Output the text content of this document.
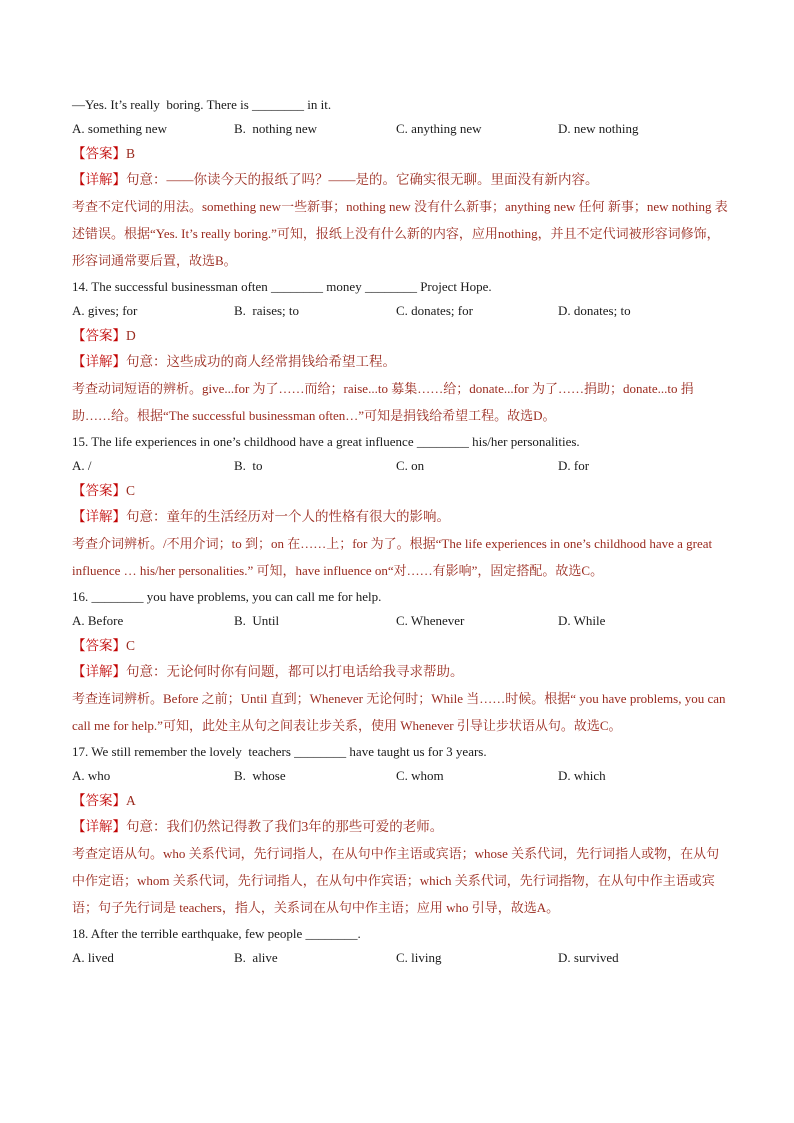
—Yes. It’s really  boring. There is ________ in it.
A. something new	B.  nothing new	C. anything new	D. new nothing
【答案】B
【详解】句意：——你读今天的报纸了吗？——是的。它确实很无聊。里面没有新内容。
考查不定代词的用法。something new一些新事；nothing new 没有什么新事；anything new 任何 新事；new nothing 表述错误。根据“Yes. It’s really boring.”可知，报纸上没有什么新的内容，应用nothing，并且不定代词被形容词修饰，形容词通常要后置，故选B。
14. The successful businessman often ________ money ________ Project Hope.
A. gives; for	B.  raises; to	C. donates; for	D. donates; to
【答案】D
【详解】句意：这些成功的商人经常捐钱给希望工程。
考查动词短语的辨析。give...for 为了……而给；raise...to 募集……给；donate...for 为了……捐助；donate...to 捐助……给。根据“The successful businessman often…”可知是捐钱给希望工程。故选D。
15. The life experiences in one’s childhood have a great influence ________ his/her personalities.
A. /	B.  to	C. on	D. for
【答案】C
【详解】句意：童年的生活经历对一个人的性格有很大的影响。
考查介词辨析。/不用介词；to 到；on 在……上；for 为了。根据“The life experiences in one’s childhood have a great influence … his/her personalities.” 可知，have influence on“对……有影响”，固定搭配。故选C。
16. ________ you have problems, you can call me for help.
A. Before	B.  Until	C. Whenever	D. While
【答案】C
【详解】句意：无论何时你有问题，都可以打电话给我寻求帮助。
考查连词辨析。Before 之前；Until 直到；Whenever 无论何时；While 当……时候。根据“ you have problems, you can call me for help.”可知，此处主从句之间表让步关系，使用 Whenever 引导让步状语从句。故选C。
17. We still remember the lovely  teachers ________ have taught us for 3 years.
A. who	B.  whose	C. whom	D. which
【答案】A
【详解】句意：我们仍然记得教了我们3年的那些可爱的老师。
考查定语从句。who 关系代词，先行词指人，在从句中作主语或宾语；whose 关系代词，先行词指人或物，在从句中作定语；whom 关系代词，先行词指人，在从句中作宾语；which 关系代词，先行词指物，在从句中作主语或宾语；句子先行词是 teachers，指人，关系词在从句中作主语；应用 who 引导，故选A。
18. After the terrible earthquake, few people ________.
A. lived	B.  alive	C. living	D. survived
